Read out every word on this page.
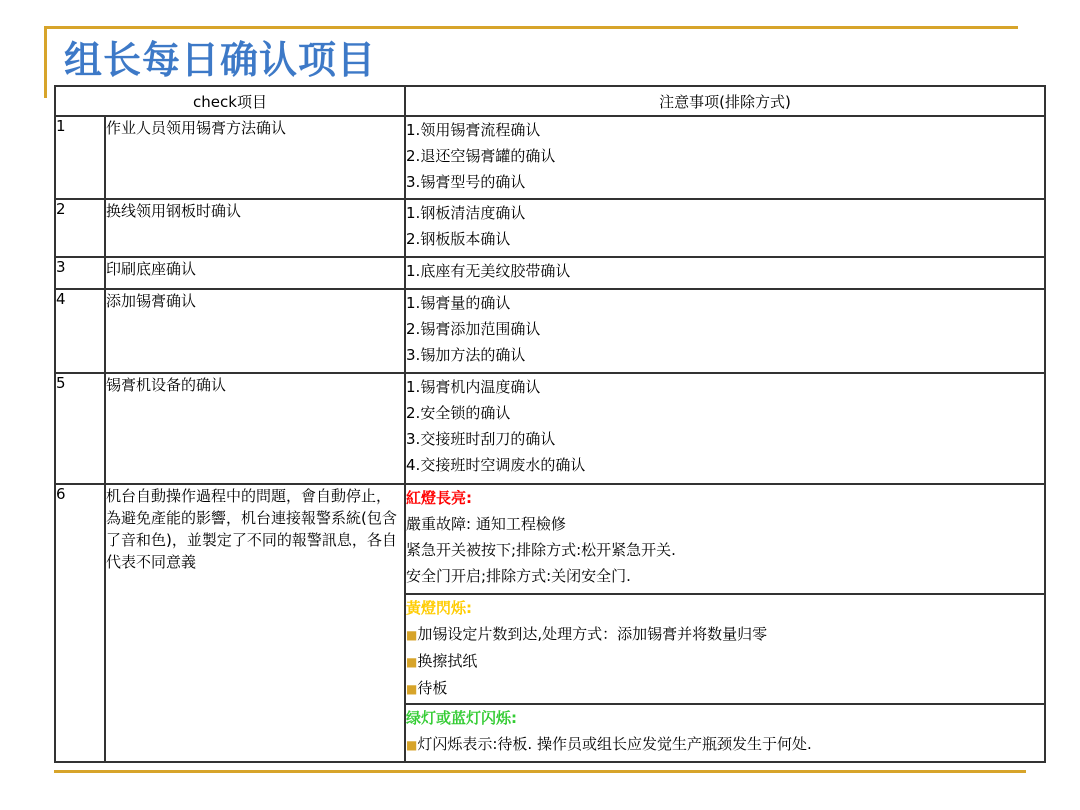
组长每日确认项目
check项目		注意事项(排除方式)
1	作业人员领用锡膏方法确认	1.领用锡膏流程确认
2.退还空锡膏罐的确认
3.锡膏型号的确认

2	换线领用钢板时确认	1.钢板清洁度确认
2.钢板版本确认

3	印刷底座确认	1.底座有无美纹胶带确认

4	添加锡膏确认	1.锡膏量的确认
2.锡膏添加范围确认
3.锡加方法的确认

5	锡膏机设备的确认	1.锡膏机内温度确认
2.安全锁的确认
3.交接班时刮刀的确认
4.交接班时空调废水的确认

6	机台自動操作過程中的問題，會自動停止，為避免產能的影響，机台連接報警系統(包含了音和色)，並製定了不同的報警訊息，各自代表不同意義	紅燈長亮:
嚴重故障: 通知工程檢修
紧急开关被按下;排除方式:松开紧急开关.
安全门开启;排除方式:关闭安全门.

		黃燈閃烁:
■加锡设定片数到达,处理方式：添加锡膏并将数量归零
■换擦拭纸
■待板

		绿灯或蓝灯闪烁:
■灯闪烁表示:待板. 操作员或组长应发觉生产瓶颈发生于何处.
